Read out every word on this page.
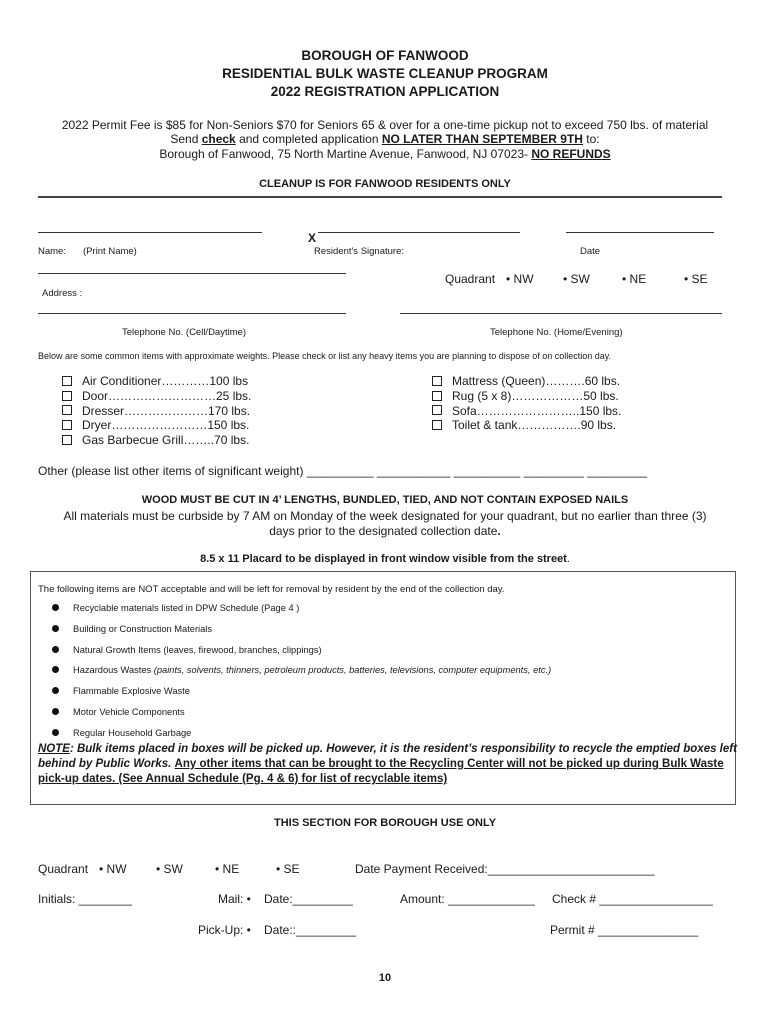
BOROUGH OF FANWOOD
RESIDENTIAL BULK WASTE CLEANUP PROGRAM
2022 REGISTRATION APPLICATION
2022 Permit Fee is $85 for Non-Seniors $70 for Seniors 65 & over for a one-time pickup not to exceed 750 lbs. of material
Send check and completed application NO LATER THAN SEPTEMBER 9TH to:
Borough of Fanwood, 75 North Martine Avenue, Fanwood, NJ 07023- NO REFUNDS
CLEANUP IS FOR FANWOOD RESIDENTS ONLY
Name: (Print Name)
X
Resident's Signature:	Date
Address :
Quadrant • NW • SW	• NE	• SE
Telephone No. (Cell/Daytime)	Telephone No. (Home/Evening)
Below are some common items with approximate weights. Please check or list any heavy items you are planning to dispose of on collection day.
Air Conditioner…………100 lbs
Door………………………25 lbs.
Dresser…………………170 lbs.
Dryer……………………150 lbs.
Gas Barbecue Grill……..70 lbs.
Mattress (Queen)……….60 lbs.
Rug (5 x 8)………………50 lbs.
Sofa……………………..150 lbs.
Toilet & tank…………….90 lbs.
Other (please list other items of significant weight) __________ ___________ __________ _________ _________
WOOD MUST BE CUT IN 4’ LENGTHS, BUNDLED, TIED, AND NOT CONTAIN EXPOSED NAILS
All materials must be curbside by 7 AM on Monday of the week designated for your quadrant, but no earlier than three (3)
days prior to the designated collection date.
8.5 x 11 Placard to be displayed in front window visible from the street.
The following items are NOT acceptable and will be left for removal by resident by the end of the collection day.
Recyclable materials listed in DPW Schedule (Page 4 )
Building or Construction Materials
Natural Growth Items (leaves, firewood, branches, clippings)
Hazardous Wastes (paints, solvents, thinners, petroleum products, batteries, televisions, computer equipments, etc.)
Flammable Explosive Waste
Motor Vehicle Components
Regular Household Garbage
NOTE: Bulk items placed in boxes will be picked up. However, it is the resident’s responsibility to recycle the emptied boxes left behind by Public Works. Any other items that can be brought to the Recycling Center will not be picked up during Bulk Waste pick-up dates. (See Annual Schedule (Pg. 4 & 6) for list of recyclable items)
THIS SECTION FOR BOROUGH USE ONLY
Quadrant • NW • SW	• NE	• SE	Date Payment Received:_________________________
Initials: ________	Mail: • Date:_________	Amount: _____________ Check # _________________
Pick-Up: • Date::_________	Permit # _______________
10
